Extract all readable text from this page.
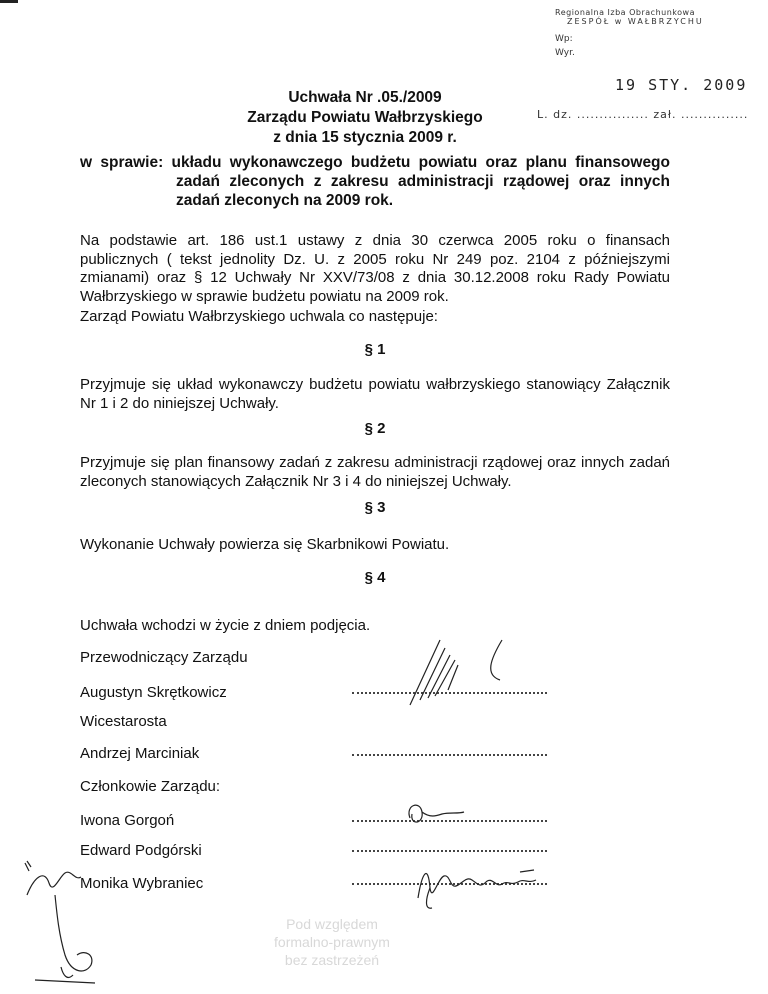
Regionalna Izba Obrachunkowa
ZESPÓŁ w WAŁBRZYCHU
Wp:
Wyr.
19 STY. 2009
L. dz. ................ zał. ...............
Uchwała Nr .05./2009
Zarządu Powiatu Wałbrzyskiego
z dnia 15 stycznia 2009 r.
w sprawie: układu wykonawczego budżetu powiatu oraz planu finansowego zadań zleconych z zakresu administracji rządowej oraz innych zadań zleconych na 2009 rok.
Na podstawie art. 186 ust.1 ustawy z dnia 30 czerwca 2005 roku o finansach publicznych ( tekst jednolity Dz. U. z 2005 roku Nr 249 poz. 2104 z późniejszymi zmianami) oraz § 12 Uchwały Nr XXV/73/08 z dnia 30.12.2008 roku Rady Powiatu Wałbrzyskiego w sprawie budżetu powiatu na 2009 rok.
Zarząd Powiatu Wałbrzyskiego uchwala co następuje:
§ 1
Przyjmuje się układ wykonawczy budżetu powiatu wałbrzyskiego stanowiący Załącznik Nr 1 i 2 do niniejszej Uchwały.
§ 2
Przyjmuje się plan finansowy zadań z zakresu administracji rządowej oraz innych zadań zleconych stanowiących Załącznik Nr 3 i 4 do niniejszej Uchwały.
§ 3
Wykonanie Uchwały powierza się Skarbnikowi Powiatu.
§ 4
Uchwała wchodzi w życie z dniem podjęcia.
Przewodniczący Zarządu
Augustyn Skrętkowicz
Wicestarosta
Andrzej Marciniak
Członkowie Zarządu:
Iwona Gorgoń
Edward Podgórski
Monika Wybraniec
Pod względem
formalno-prawnym
bez zastrzeżeń
